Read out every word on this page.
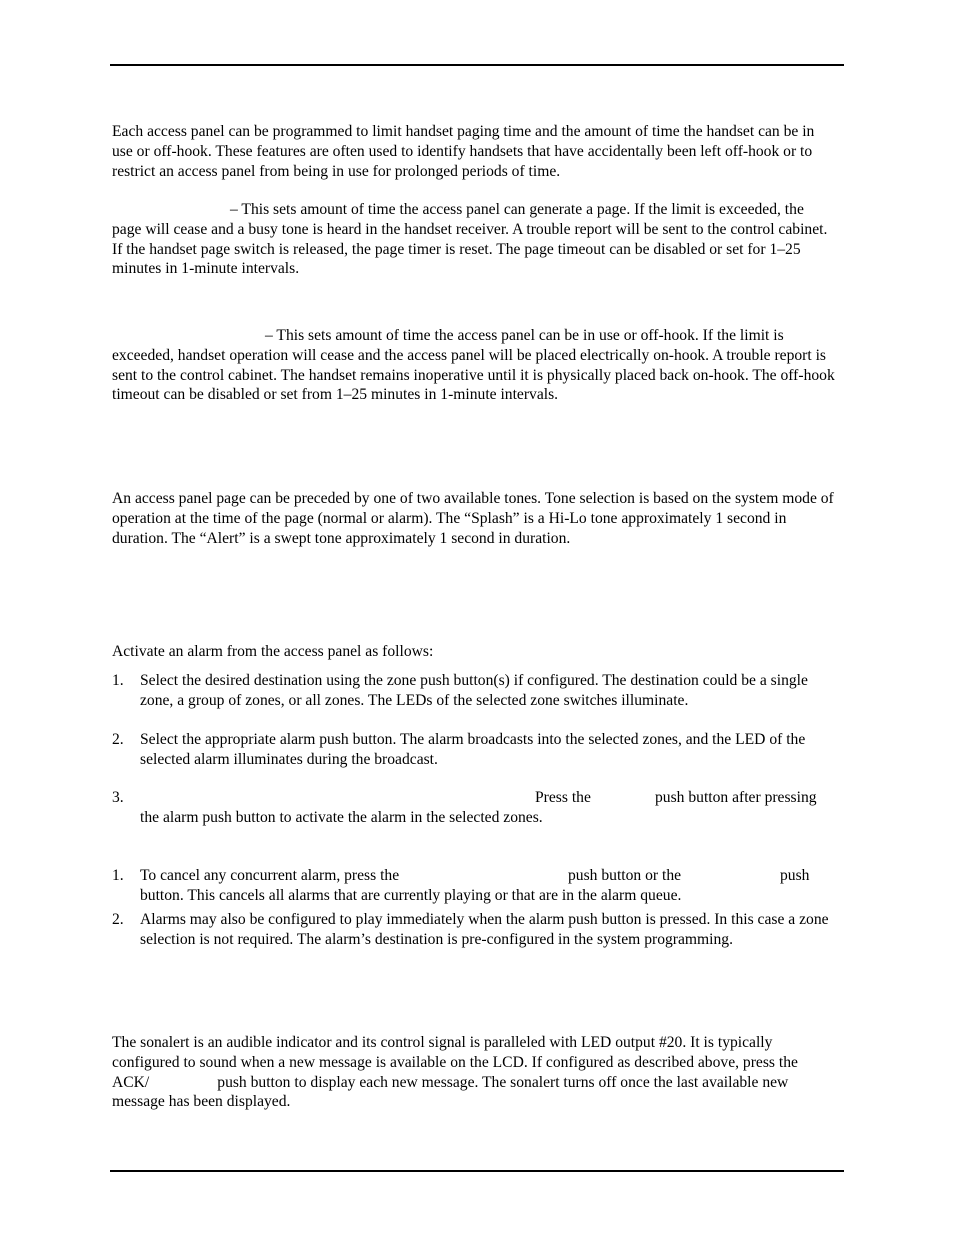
Each access panel can be programmed to limit handset paging time and the amount of time the handset can be in use or off-hook. These features are often used to identify handsets that have accidentally been left off-hook or to restrict an access panel from being in use for prolonged periods of time.

– This sets amount of time the access panel can generate a page. If the limit is exceeded, the page will cease and a busy tone is heard in the handset receiver. A trouble report will be sent to the control cabinet. If the handset page switch is released, the page timer is reset. The page timeout can be disabled or set for 1–25 minutes in 1-minute intervals.

– This sets amount of time the access panel can be in use or off-hook. If the limit is exceeded, handset operation will cease and the access panel will be placed electrically on-hook. A trouble report is sent to the control cabinet. The handset remains inoperative until it is physically placed back on-hook. The off-hook timeout can be disabled or set from 1–25 minutes in 1-minute intervals.

An access panel page can be preceded by one of two available tones. Tone selection is based on the system mode of operation at the time of the page (normal or alarm). The “Splash” is a Hi-Lo tone approximately 1 second in duration. The “Alert” is a swept tone approximately 1 second in duration.

Activate an alarm from the access panel as follows:

1. Select the desired destination using the zone push button(s) if configured. The destination could be a single zone, a group of zones, or all zones. The LEDs of the selected zone switches illuminate.
2. Select the appropriate alarm push button. The alarm broadcasts into the selected zones, and the LED of the selected alarm illuminates during the broadcast.
3.	Press the	push button after pressing
the alarm push button to activate the alarm in the selected zones.
1. To cancel any concurrent alarm, press the	push button or the	push
button. This cancels all alarms that are currently playing or that are in the alarm queue.
2. Alarms may also be configured to play immediately when the alarm push button is pressed. In this case a zone selection is not required. The alarm’s destination is pre-configured in the system programming.

The sonalert is an audible indicator and its control signal is paralleled with LED output #20. It is typically configured to sound when a new message is available on the LCD. If configured as described above, press the ACK/	push button to display each new message. The sonalert turns off once the last available new message has been displayed.
